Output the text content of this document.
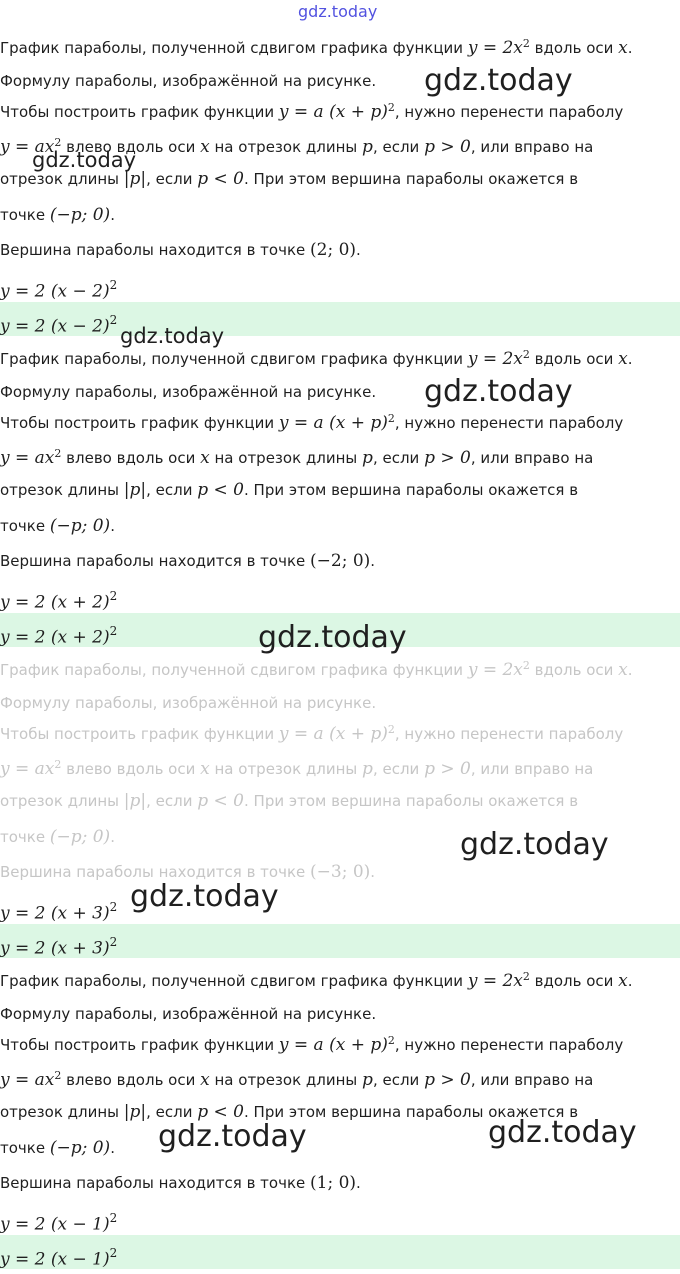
График параболы, полученной сдвигом графика функции $y = 2x^2$ вдоль оси x.
Формулу параболы, изображённой на рисунке.
Чтобы построить график функции y = a $(x + p)^2$, нужно перенести параболу
$y = ax^2$ влево вдоль оси x на отрезок длины p, если p > 0, или вправо на
отрезок длины |p|, если p < 0. При этом вершина параболы окажется в
точке (−p; 0).
Вершина параболы находится в точке (2; 0).
y = 2 $(x - 2)^2$
y = 2 $(x - 2)^2$
График параболы, полученной сдвигом графика функции $y = 2x^2$ вдоль оси x.
Формулу параболы, изображённой на рисунке.
Чтобы построить график функции y = a $(x + p)^2$, нужно перенести параболу
$y = ax^2$ влево вдоль оси x на отрезок длины p, если p > 0, или вправо на
отрезок длины |p|, если p < 0. При этом вершина параболы окажется в
точке (−p; 0).
Вершина параболы находится в точке (−2; 0).
y = 2 $(x + 2)^2$
y = 2 $(x + 2)^2$
График параболы, полученной сдвигом графика функции $y = 2x^2$ вдоль оси x.
Формулу параболы, изображённой на рисунке.
Чтобы построить график функции y = a $(x + p)^2$, нужно перенести параболу
$y = ax^2$ влево вдоль оси x на отрезок длины p, если p > 0, или вправо на
отрезок длины |p|, если p < 0. При этом вершина параболы окажется в
точке (−p; 0).
Вершина параболы находится в точке (−3; 0).
y = 2 $(x + 3)^2$
y = 2 $(x + 3)^2$
График параболы, полученной сдвигом графика функции $y = 2x^2$ вдоль оси x.
Формулу параболы, изображённой на рисунке.
Чтобы построить график функции y = a $(x + p)^2$, нужно перенести параболу
$y = ax^2$ влево вдоль оси x на отрезок длины p, если p > 0, или вправо на
отрезок длины |p|, если p < 0. При этом вершина параболы окажется в
точке (−p; 0).
Вершина параболы находится в точке (1; 0).
y = 2 $(x - 1)^2$
y = 2 $(x - 1)^2$
gdz.today
gdz.today
gdz.today
gdz.today
gdz.today
gdz.today
gdz.today
gdz.today
gdz.today	gdz.today
